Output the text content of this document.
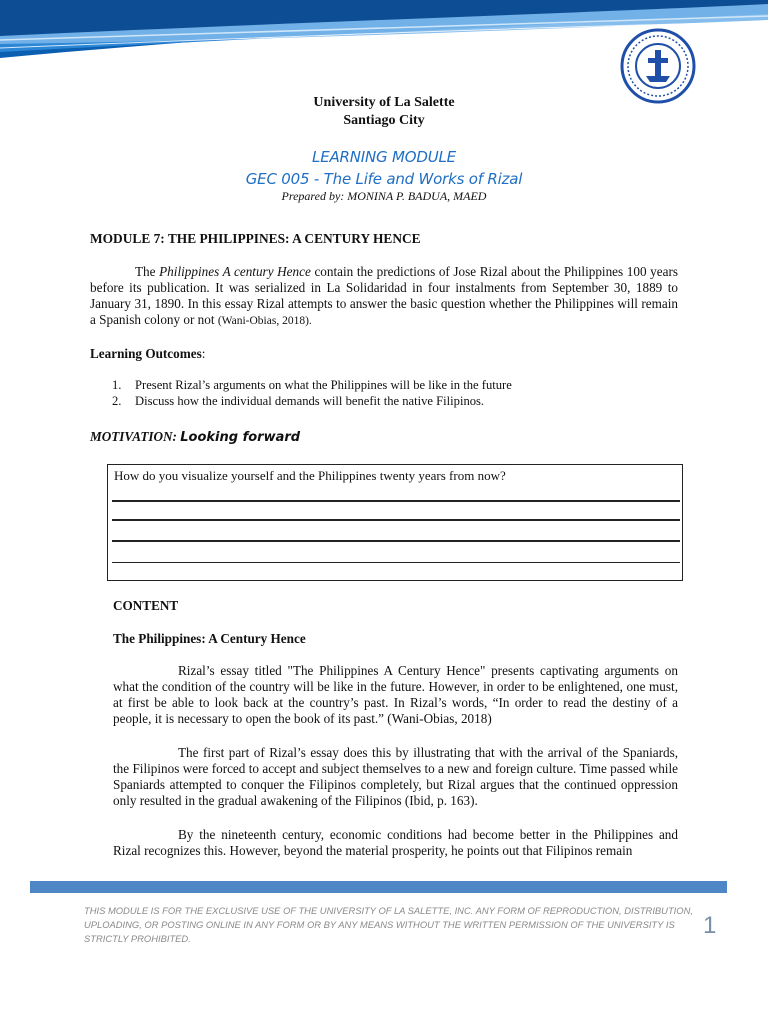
University of La Salette
Santiago City
LEARNING MODULE
GEC 005 - The Life and Works of Rizal
Prepared by: MONINA P. BADUA, MAED
MODULE 7: THE PHILIPPINES: A CENTURY HENCE
The Philippines A century Hence contain the predictions of Jose Rizal about the Philippines 100 years before its publication. It was serialized in La Solidaridad in four instalments from September 30, 1889 to January 31, 1890. In this essay Rizal attempts to answer the basic question whether the Philippines will remain a Spanish colony or not (Wani-Obias, 2018).
Learning Outcomes:
1. Present Rizal’s arguments on what the Philippines will be like in the future
2. Discuss how the individual demands will benefit the native Filipinos.
MOTIVATION: Looking forward
How do you visualize yourself and the Philippines twenty years from now?
CONTENT
The Philippines: A Century Hence
Rizal’s essay titled "The Philippines A Century Hence" presents captivating arguments on what the condition of the country will be like in the future. However, in order to be enlightened, one must, at first be able to look back at the country’s past. In Rizal’s words, “In order to read the destiny of a people, it is necessary to open the book of its past.” (Wani-Obias, 2018)
The first part of Rizal’s essay does this by illustrating that with the arrival of the Spaniards, the Filipinos were forced to accept and subject themselves to a new and foreign culture. Time passed while Spaniards attempted to conquer the Filipinos completely, but Rizal argues that the continued oppression only resulted in the gradual awakening of the Filipinos (Ibid, p. 163).
By the nineteenth century, economic conditions had become better in the Philippines and Rizal recognizes this. However, beyond the material prosperity, he points out that Filipinos remain
THIS MODULE IS FOR THE EXCLUSIVE USE OF THE UNIVERSITY OF LA SALETTE, INC. ANY FORM OF REPRODUCTION, DISTRIBUTION, UPLOADING, OR POSTING ONLINE IN ANY FORM OR BY ANY MEANS WITHOUT THE WRITTEN PERMISSION OF THE UNIVERSITY IS STRICTLY PROHIBITED.	1
